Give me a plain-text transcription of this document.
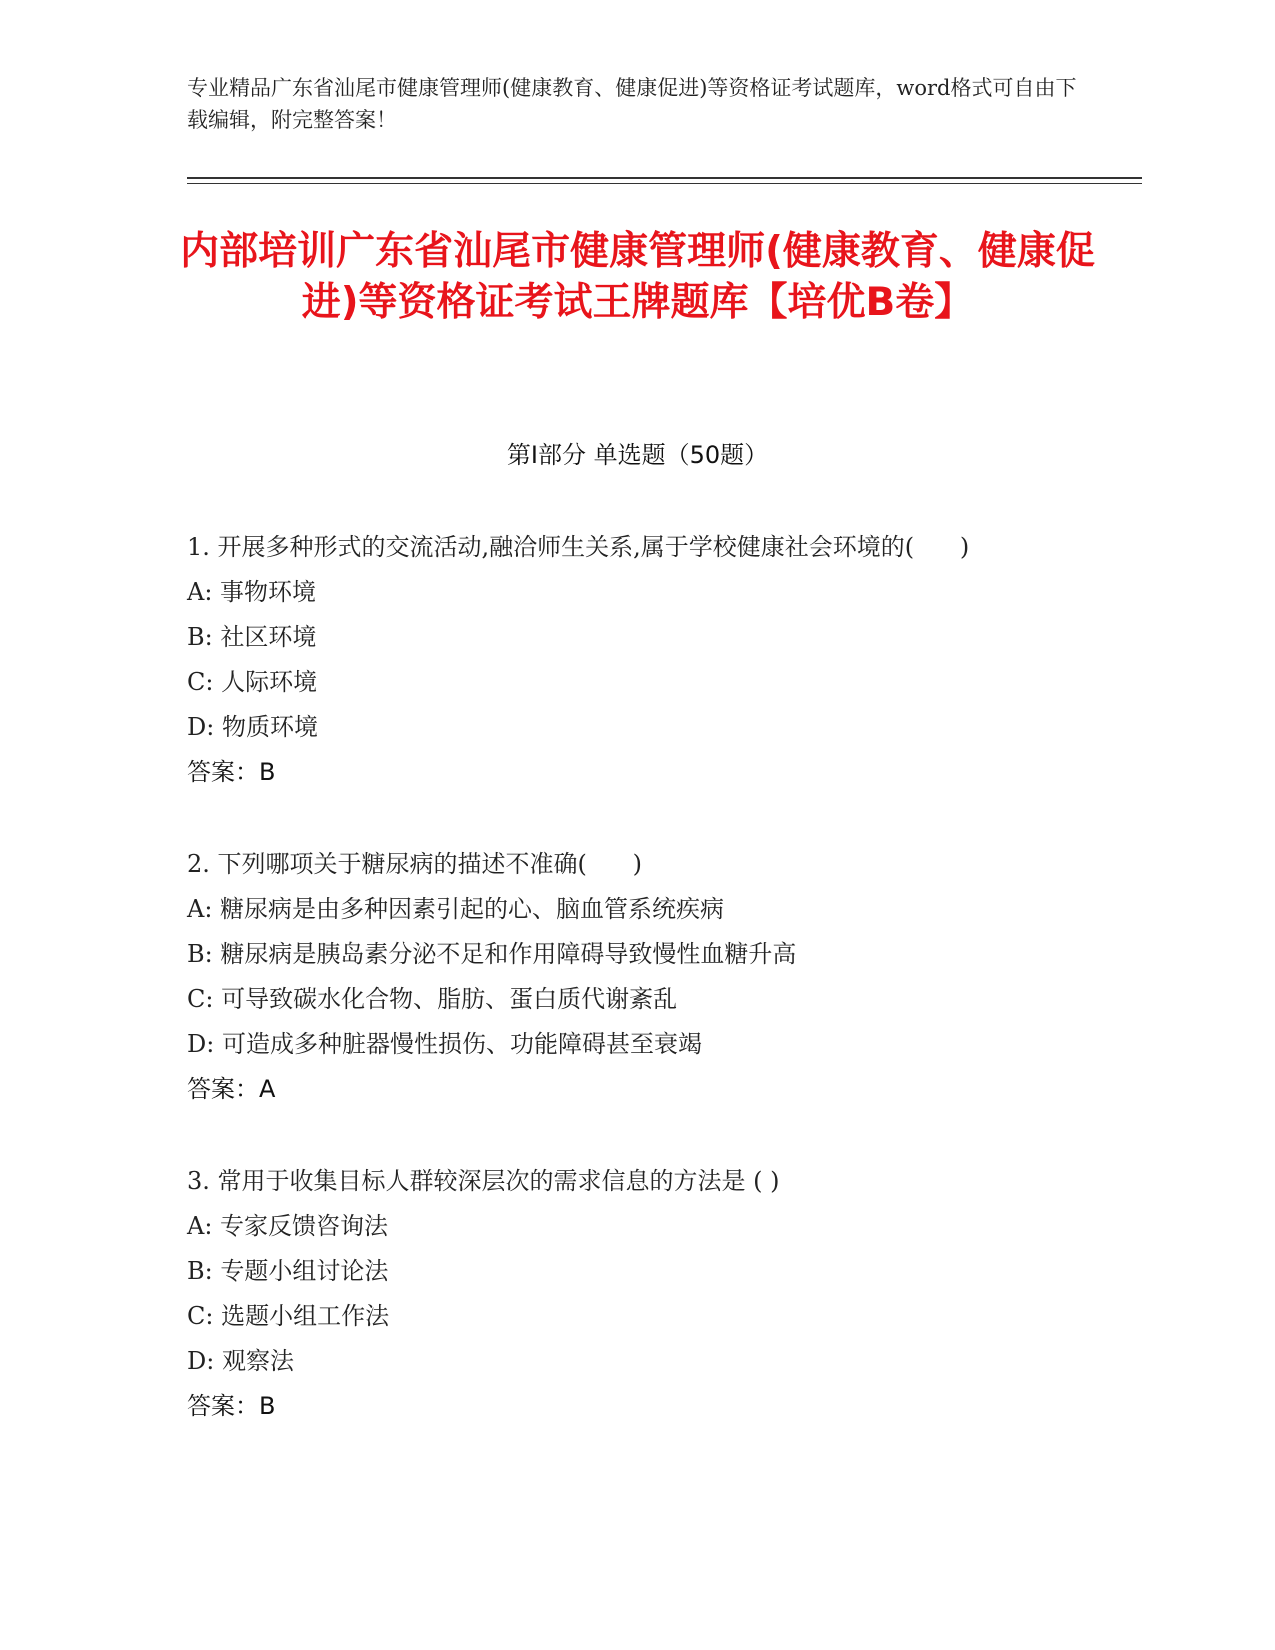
专业精品广东省汕尾市健康管理师(健康教育、健康促进)等资格证考试题库，word格式可自由下载编辑，附完整答案！
内部培训广东省汕尾市健康管理师(健康教育、健康促进)等资格证考试王牌题库【培优B卷】
第Ⅰ部分 单选题（50题）
1. 开展多种形式的交流活动,融洽师生关系,属于学校健康社会环境的(      )
A: 事物环境
B: 社区环境
C: 人际环境
D: 物质环境
答案：B
2. 下列哪项关于糖尿病的描述不准确(      )
A: 糖尿病是由多种因素引起的心、脑血管系统疾病
B: 糖尿病是胰岛素分泌不足和作用障碍导致慢性血糖升高
C: 可导致碳水化合物、脂肪、蛋白质代谢紊乱
D: 可造成多种脏器慢性损伤、功能障碍甚至衰竭
答案：A
3. 常用于收集目标人群较深层次的需求信息的方法是 ( )
A: 专家反馈咨询法
B: 专题小组讨论法
C: 选题小组工作法
D: 观察法
答案：B
